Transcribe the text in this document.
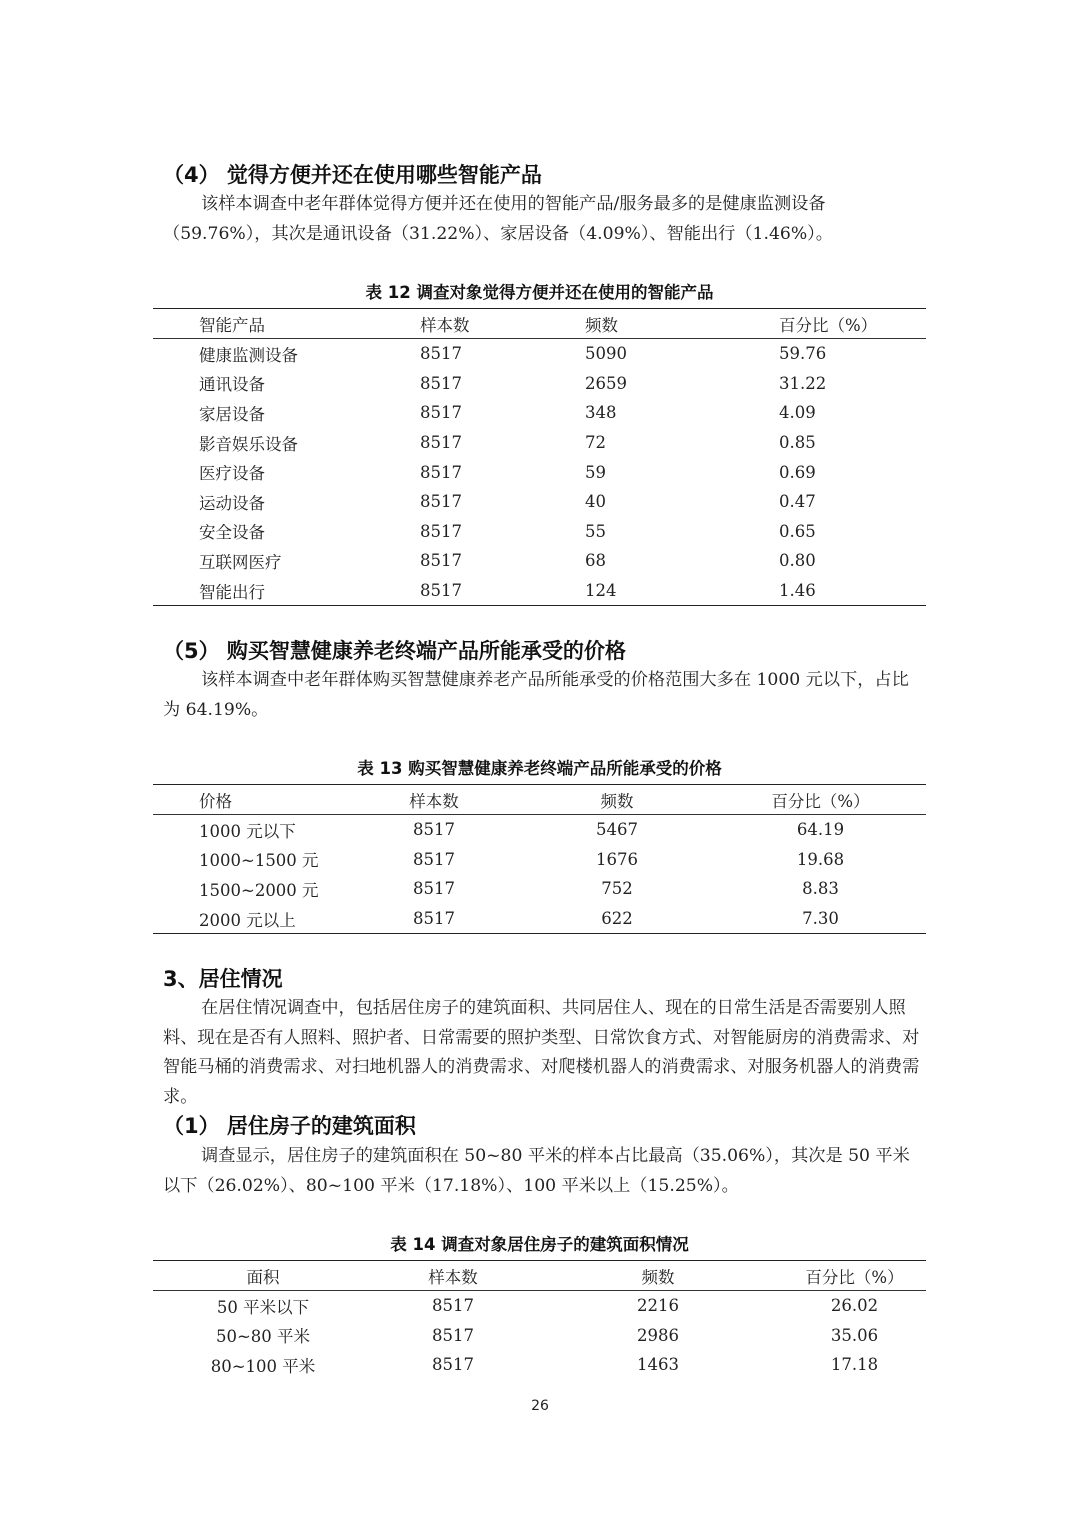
（4） 觉得方便并还在使用哪些智能产品

该样本调查中老年群体觉得方便并还在使用的智能产品/服务最多的是健康监测设备（59.76%），其次是通讯设备（31.22%）、家居设备（4.09%）、智能出行（1.46%）。

表 12 调查对象觉得方便并还在使用的智能产品
智能产品	样本数	频数	百分比（%）
健康监测设备	8517	5090	59.76
通讯设备	8517	2659	31.22
家居设备	8517	348	4.09
影音娱乐设备	8517	72	0.85
医疗设备	8517	59	0.69
运动设备	8517	40	0.47
安全设备	8517	55	0.65
互联网医疗	8517	68	0.80
智能出行	8517	124	1.46
（5） 购买智慧健康养老终端产品所能承受的价格

该样本调查中老年群体购买智慧健康养老产品所能承受的价格范围大多在 1000 元以下，占比为 64.19%。

表 13 购买智慧健康养老终端产品所能承受的价格
价格	样本数	频数	百分比（%）
1000 元以下	8517	5467	64.19
1000~1500 元	8517	1676	19.68
1500~2000 元	8517	752	8.83
2000 元以上	8517	622	7.30
3、居住情况

在居住情况调查中，包括居住房子的建筑面积、共同居住人、现在的日常生活是否需要别人照料、现在是否有人照料、照护者、日常需要的照护类型、日常饮食方式、对智能厨房的消费需求、对智能马桶的消费需求、对扫地机器人的消费需求、对爬楼机器人的消费需求、对服务机器人的消费需求。

（1） 居住房子的建筑面积

调查显示，居住房子的建筑面积在 50~80 平米的样本占比最高（35.06%），其次是 50 平米以下（26.02%）、80~100 平米（17.18%）、100 平米以上（15.25%）。

表 14 调查对象居住房子的建筑面积情况
面积	样本数	频数	百分比（%）
50 平米以下	8517	2216	26.02
50~80 平米	8517	2986	35.06
80~100 平米	8517	1463	17.18
26
